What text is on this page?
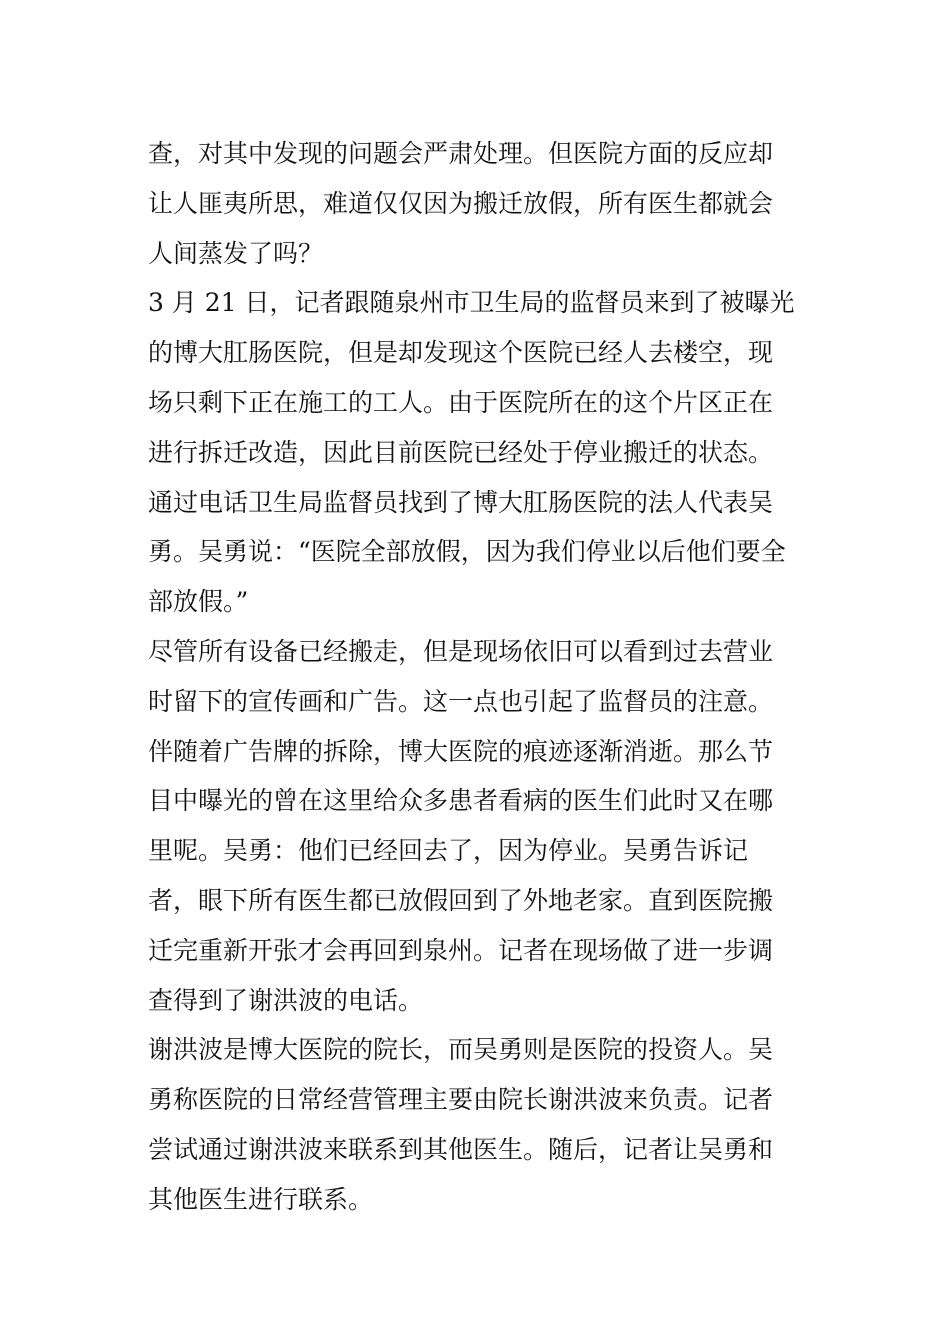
查，对其中发现的问题会严肃处理。但医院方面的反应却
让人匪夷所思，难道仅仅因为搬迁放假，所有医生都就会
人间蒸发了吗？
3 月 21 日，记者跟随泉州市卫生局的监督员来到了被曝光
的博大肛肠医院，但是却发现这个医院已经人去楼空，现
场只剩下正在施工的工人。由于医院所在的这个片区正在
进行拆迁改造，因此目前医院已经处于停业搬迁的状态。
通过电话卫生局监督员找到了博大肛肠医院的法人代表吴
勇。吴勇说：“医院全部放假，因为我们停业以后他们要全
部放假。”
尽管所有设备已经搬走，但是现场依旧可以看到过去营业
时留下的宣传画和广告。这一点也引起了监督员的注意。
伴随着广告牌的拆除，博大医院的痕迹逐渐消逝。那么节
目中曝光的曾在这里给众多患者看病的医生们此时又在哪
里呢。吴勇：他们已经回去了，因为停业。吴勇告诉记
者，眼下所有医生都已放假回到了外地老家。直到医院搬
迁完重新开张才会再回到泉州。记者在现场做了进一步调
查得到了谢洪波的电话。
谢洪波是博大医院的院长，而吴勇则是医院的投资人。吴
勇称医院的日常经营管理主要由院长谢洪波来负责。记者
尝试通过谢洪波来联系到其他医生。随后，记者让吴勇和
其他医生进行联系。
